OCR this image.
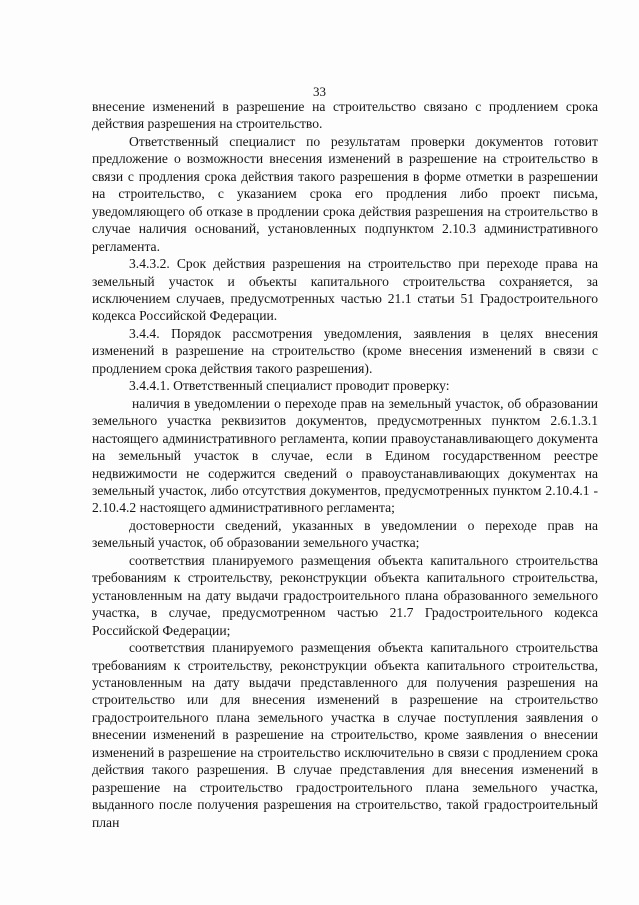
33

внесение изменений в разрешение на строительство связано с продлением срока действия разрешения на строительство.

Ответственный специалист по результатам проверки документов готовит предложение о возможности внесения изменений в разрешение на строительство в связи с продления срока действия такого разрешения в форме отметки в разрешении на строительство, с указанием срока его продления либо проект письма, уведомляющего об отказе в продлении срока действия разрешения на строительство в случае наличия оснований, установленных подпунктом 2.10.3 административного регламента.

3.4.3.2. Срок действия разрешения на строительство при переходе права на земельный участок и объекты капитального строительства сохраняется, за исключением случаев, предусмотренных частью 21.1 статьи 51 Градостроительного кодекса Российской Федерации.

3.4.4. Порядок рассмотрения уведомления, заявления в целях внесения изменений в разрешение на строительство (кроме внесения изменений в связи с продлением срока действия такого разрешения).

3.4.4.1. Ответственный специалист проводит проверку:

наличия в уведомлении о переходе прав на земельный участок, об образовании земельного участка реквизитов документов, предусмотренных пунктом 2.6.1.3.1 настоящего административного регламента, копии правоустанавливающего документа на земельный участок в случае, если в Едином государственном реестре недвижимости не содержится сведений о правоустанавливающих документах на земельный участок, либо отсутствия документов, предусмотренных пунктом 2.10.4.1 - 2.10.4.2 настоящего административного регламента;

достоверности сведений, указанных в уведомлении о переходе прав на земельный участок, об образовании земельного участка;

соответствия планируемого размещения объекта капитального строительства требованиям к строительству, реконструкции объекта капитального строительства, установленным на дату выдачи градостроительного плана образованного земельного участка, в случае, предусмотренном частью 21.7 Градостроительного кодекса Российской Федерации;

соответствия планируемого размещения объекта капитального строительства требованиям к строительству, реконструкции объекта капитального строительства, установленным на дату выдачи представленного для получения разрешения на строительство или для внесения изменений в разрешение на строительство градостроительного плана земельного участка в случае поступления заявления о внесении изменений в разрешение на строительство, кроме заявления о внесении изменений в разрешение на строительство исключительно в связи с продлением срока действия такого разрешения. В случае представления для внесения изменений в разрешение на строительство градостроительного плана земельного участка, выданного после получения разрешения на строительство, такой градостроительный план
